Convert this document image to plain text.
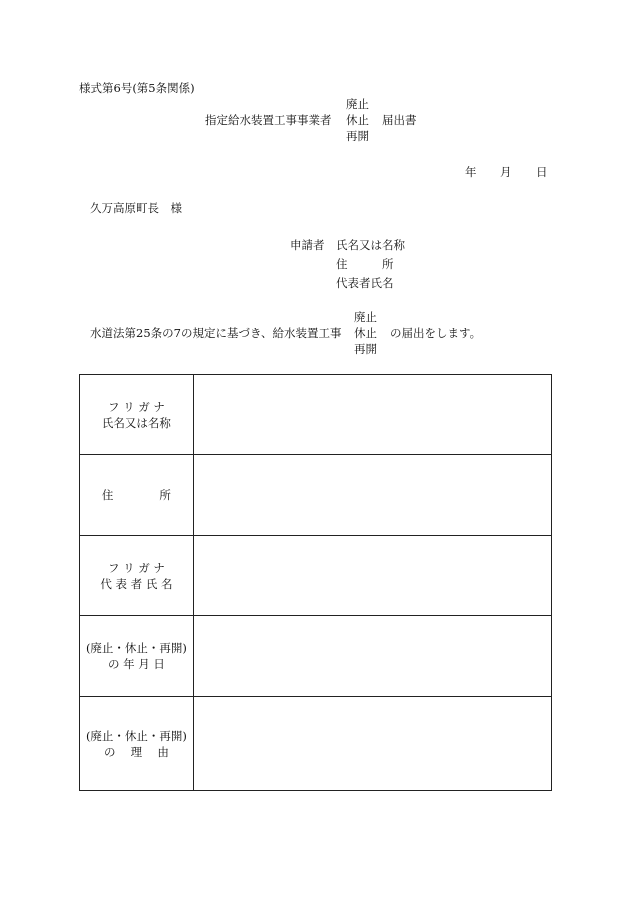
様式第6号(第5条関係)
指定給水装置工事事業者
廃止
休止
再開
届出書
年 月 日
久万高原町長　様
申請者 氏名又は名称
住　　　所
代表者氏名
水道法第25条の7の規定に基づき、給水装置工事
廃止
休止
再開
の届出をします。
フ リ ガ ナ
氏名又は名称	

住　　　　所	

フ リ ガ ナ
代 表 者 氏 名	

(廃止・休止・再開)
の 年 月 日	

(廃止・休止・再開)
の　 理　 由	
